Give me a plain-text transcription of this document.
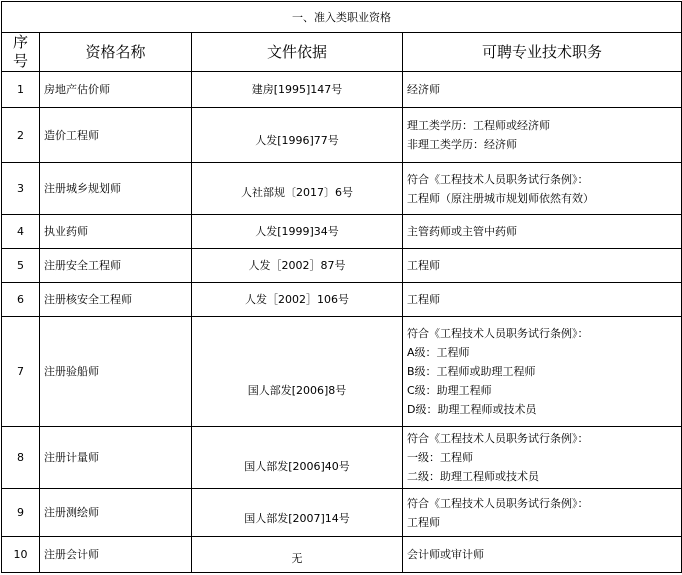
一、准入类职业资格			

序
号	资格名称	文件依据	可聘专业技术职务
1	房地产估价师	建房[1995]147号	经济师

2	造价工程师	人发[1996]77号	理工类学历：工程师或经济师
非理工类学历：经济师

3	注册城乡规划师	人社部规〔2017〕6号	符合《工程技术人员职务试行条例》：
工程师（原注册城市规划师依然有效）

4	执业药师	人发[1999]34号	主管药师或主管中药师

5	注册安全工程师	人发［2002］87号	工程师

6	注册核安全工程师	人发［2002］106号	工程师

7	注册验船师	国人部发[2006]8号	符合《工程技术人员职务试行条例》：
A级：工程师
B级：工程师或助理工程师
C级：助理工程师
D级：助理工程师或技术员

8	注册计量师	国人部发[2006]40号	符合《工程技术人员职务试行条例》：
一级：工程师
二级：助理工程师或技术员

9	注册测绘师	国人部发[2007]14号	符合《工程技术人员职务试行条例》：
工程师

10	注册会计师	无	会计师或审计师
